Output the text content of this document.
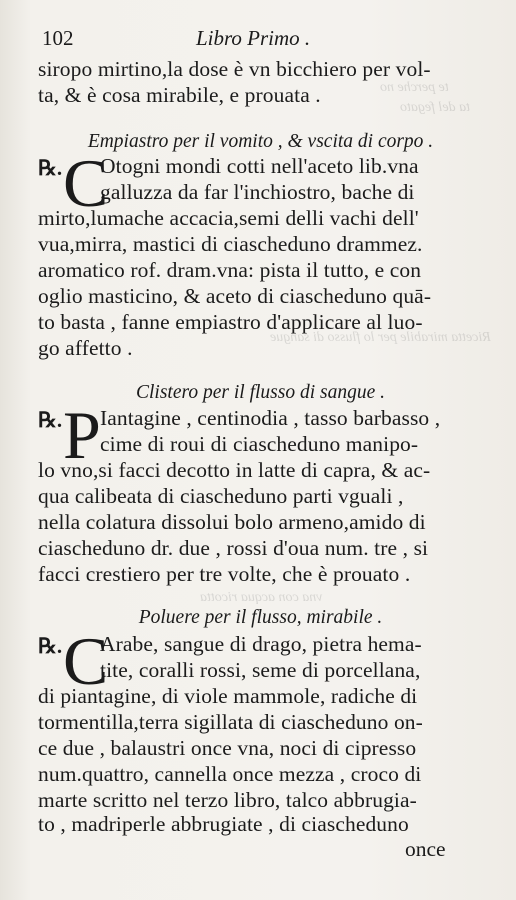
te perche no
ta del fegato
Ricetta mirabile per lo flusso di sangue
vna con acqua ricotta
102	Libro Primo .
siropo mirtino,la dose è vn bicchiero per vol-
ta, & è cosa mirabile, e prouata .
Empiastro per il vomito , & vscita di corpo .
℞. C
Otogni mondi cotti nell'aceto lib.vna
galluzza da far l'inchiostro, bache di
mirto,lumache accacia,semi delli vachi dell'
vua,mirra, mastici di ciascheduno drammez.
aromatico rof. dram.vna: pista il tutto, e con
oglio masticino, & aceto di ciascheduno quā-
to basta , fanne empiastro d'applicare al luo-
go affetto .
Clistero per il flusso di sangue .
℞. P Iantagine , centinodia , tasso barbasso ,
cime di roui di ciascheduno manipo-
lo vno,si facci decotto in latte di capra, & ac-
qua calibeata di ciascheduno parti vguali ,
nella colatura dissolui bolo armeno,amido di
ciascheduno dr. due , rossi d'oua num. tre , si
facci crestiero per tre volte, che è prouato .
Poluere per il flusso, mirabile .
℞. C
Arabe, sangue di drago, pietra hema-
tite, coralli rossi, seme di porcellana,
di piantagine, di viole mammole, radiche di
tormentilla,terra sigillata di ciascheduno on-
ce due , balaustri once vna, noci di cipresso
num.quattro, cannella once mezza , croco di
marte scritto nel terzo libro, talco abbrugia-
to , madriperle abbrugiate , di ciascheduno
once
